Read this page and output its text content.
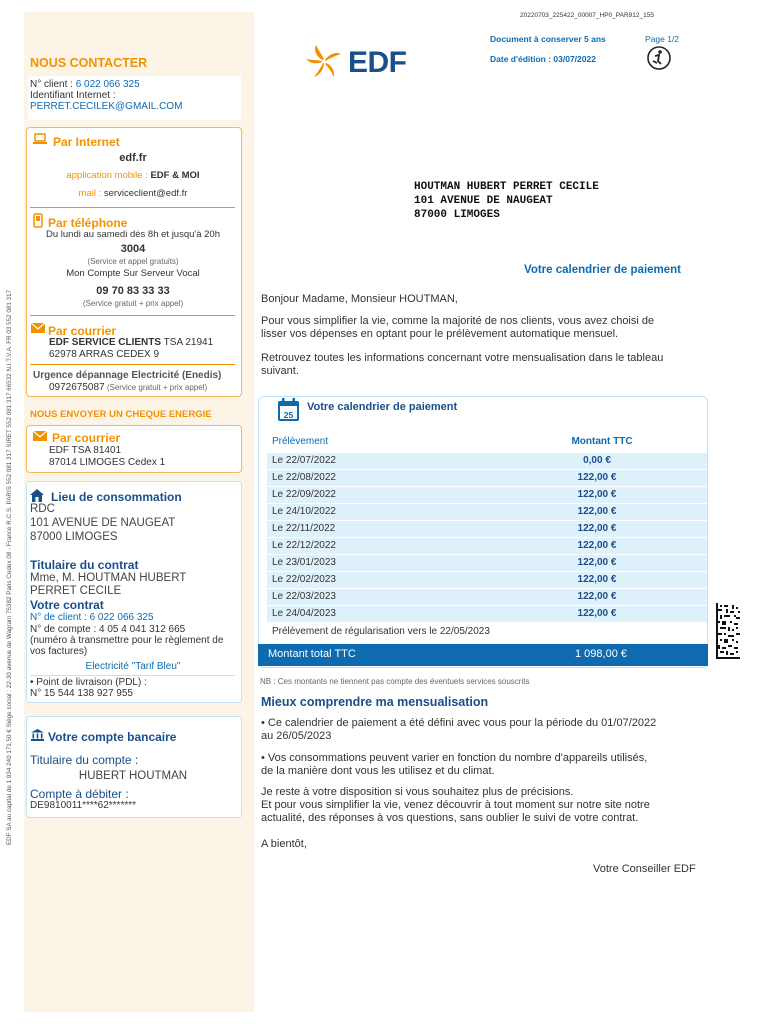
EDF SA au capital de 1 934 240 171,50 € Siège social : 22-30 avenue de Wagram 75382 Paris Cedex 08 - France R.C.S. PARIS 552 081 317 SIRET 552 081 317 66532 N.I.T.V.A. FR 03 552 081 317
NOUS CONTACTER
N° client : 6 022 066 325
Identifiant Internet :
PERRET.CECILEK@GMAIL.COM
Par Internet
edf.fr
application mobile : EDF & MOI
mail : serviceclient@edf.fr
Par téléphone
Du lundi au samedi dès 8h et jusqu'à 20h
3004
(Service et appel gratuits)
Mon Compte Sur Serveur Vocal
09 70 83 33 33
(Service gratuit + prix appel)
Par courrier
EDF SERVICE CLIENTS TSA 21941
62978 ARRAS CEDEX 9
Urgence dépannage Electricité (Enedis)
0972675087 (Service gratuit + prix appel)
NOUS ENVOYER UN CHEQUE ENERGIE
Par courrier
EDF TSA 81401
87014 LIMOGES Cedex 1
Lieu de consommation
RDC
101 AVENUE DE NAUGEAT
87000 LIMOGES
Titulaire du contrat
Mme, M. HOUTMAN HUBERT
PERRET CECILE
Votre contrat
N° de client : 6 022 066 325
N° de compte : 4 05 4 041 312 665
(numéro à transmettre pour le règlement de
vos factures)
Electricité "Tarif Bleu"
• Point de livraison (PDL) :
N° 15 544 138 927 955
Votre compte bancaire
Titulaire du compte :
HUBERT HOUTMAN
Compte à débiter :
DE9810011****62*******
EDF
20220703_225422_00007_HP0_PAR912_155
Document à conserver 5 ans
Date d'édition : 03/07/2022
Page 1/2
HOUTMAN HUBERT PERRET CECILE
101 AVENUE DE NAUGEAT
87000 LIMOGES
Votre calendrier de paiement
Bonjour Madame, Monsieur HOUTMAN,
Pour vous simplifier la vie, comme la majorité de nos clients, vous avez choisi de
lisser vos dépenses en optant pour le prélèvement automatique mensuel.
Retrouvez toutes les informations concernant votre mensualisation dans le tableau
suivant.
25
Votre calendrier de paiement
Prélèvement	Montant TTC
Le 22/07/2022	0,00 €
Le 22/08/2022	122,00 €
Le 22/09/2022	122,00 €
Le 24/10/2022	122,00 €
Le 22/11/2022	122,00 €
Le 22/12/2022	122,00 €
Le 23/01/2023	122,00 €
Le 22/02/2023	122,00 €
Le 22/03/2023	122,00 €
Le 24/04/2023	122,00 €
Prélèvement de régularisation vers le 22/05/2023
Montant total TTC	1 098,00 €
NB : Ces montants ne tiennent pas compte des éventuels services souscrits
Mieux comprendre ma mensualisation
• Ce calendrier de paiement a été défini avec vous pour la période du 01/07/2022
au 26/05/2023
• Vos consommations peuvent varier en fonction du nombre d'appareils utilisés,
de la manière dont vous les utilisez et du climat.
Je reste à votre disposition si vous souhaitez plus de précisions.
Et pour vous simplifier la vie, venez découvrir à tout moment sur notre site notre
actualité, des réponses à vos questions, sans oublier le suivi de votre contrat.
A bientôt,
Votre Conseiller EDF
